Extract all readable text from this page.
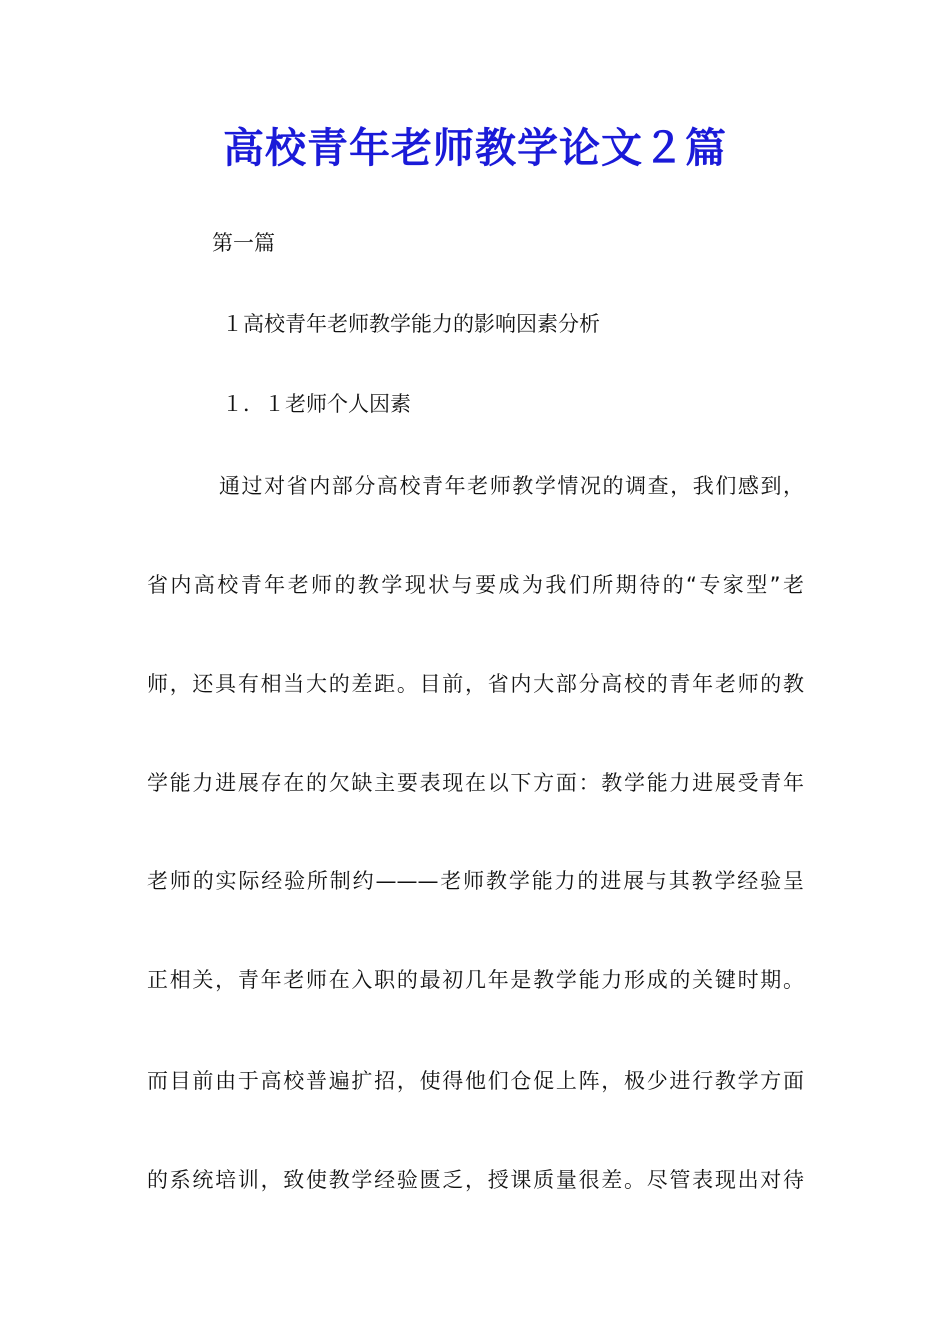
高校青年老师教学论文２篇
第一篇
１高校青年老师教学能力的影响因素分析
１．１老师个人因素
通过对省内部分高校青年老师教学情况的调查，我们感到，
省内高校青年老师的教学现状与要成为我们所期待的“专家型”老
师，还具有相当大的差距。目前，省内大部分高校的青年老师的教
学能力进展存在的欠缺主要表现在以下方面：教学能力进展受青年
老师的实际经验所制约———老师教学能力的进展与其教学经验呈
正相关，青年老师在入职的最初几年是教学能力形成的关键时期。
而目前由于高校普遍扩招，使得他们仓促上阵，极少进行教学方面
的系统培训，致使教学经验匮乏，授课质量很差。尽管表现出对待
